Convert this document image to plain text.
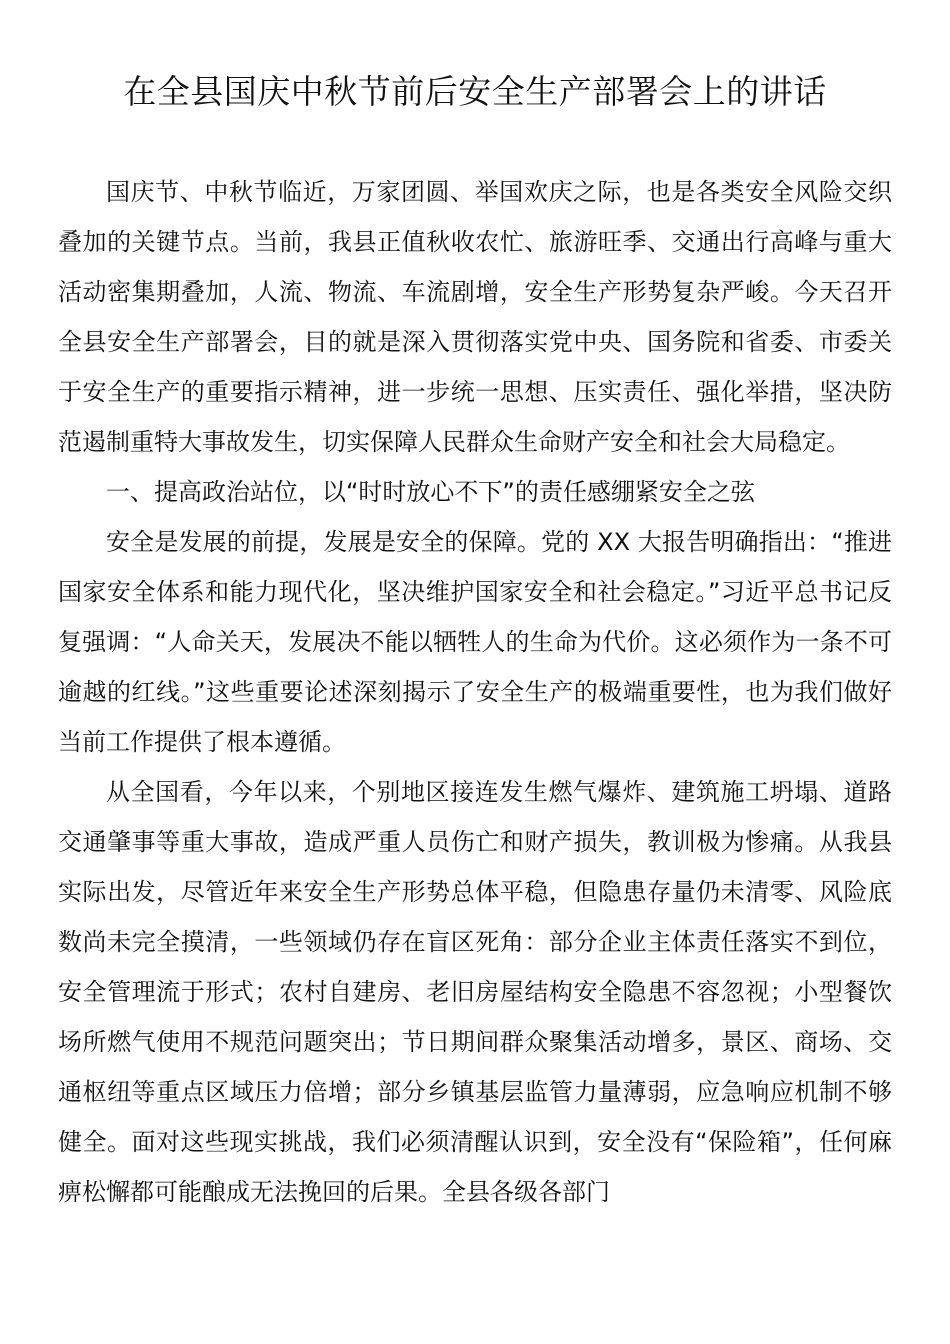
在全县国庆中秋节前后安全生产部署会上的讲话

国庆节、中秋节临近，万家团圆、举国欢庆之际，也是各类安全风险交织叠加的关键节点。当前，我县正值秋收农忙、旅游旺季、交通出行高峰与重大活动密集期叠加，人流、物流、车流剧增，安全生产形势复杂严峻。今天召开全县安全生产部署会，目的就是深入贯彻落实党中央、国务院和省委、市委关于安全生产的重要指示精神，进一步统一思想、压实责任、强化举措，坚决防范遏制重特大事故发生，切实保障人民群众生命财产安全和社会大局稳定。

一、提高政治站位，以“时时放心不下”的责任感绷紧安全之弦

安全是发展的前提，发展是安全的保障。党的 XX 大报告明确指出：“推进国家安全体系和能力现代化，坚决维护国家安全和社会稳定。”习近平总书记反复强调：“人命关天，发展决不能以牺牲人的生命为代价。这必须作为一条不可逾越的红线。”这些重要论述深刻揭示了安全生产的极端重要性，也为我们做好当前工作提供了根本遵循。

从全国看，今年以来，个别地区接连发生燃气爆炸、建筑施工坍塌、道路交通肇事等重大事故，造成严重人员伤亡和财产损失，教训极为惨痛。从我县实际出发，尽管近年来安全生产形势总体平稳，但隐患存量仍未清零、风险底数尚未完全摸清，一些领域仍存在盲区死角：部分企业主体责任落实不到位，安全管理流于形式；农村自建房、老旧房屋结构安全隐患不容忽视；小型餐饮场所燃气使用不规范问题突出；节日期间群众聚集活动增多，景区、商场、交通枢纽等重点区域压力倍增；部分乡镇基层监管力量薄弱，应急响应机制不够健全。面对这些现实挑战，我们必须清醒认识到，安全没有“保险箱”，任何麻痹松懈都可能酿成无法挽回的后果。全县各级各部门
